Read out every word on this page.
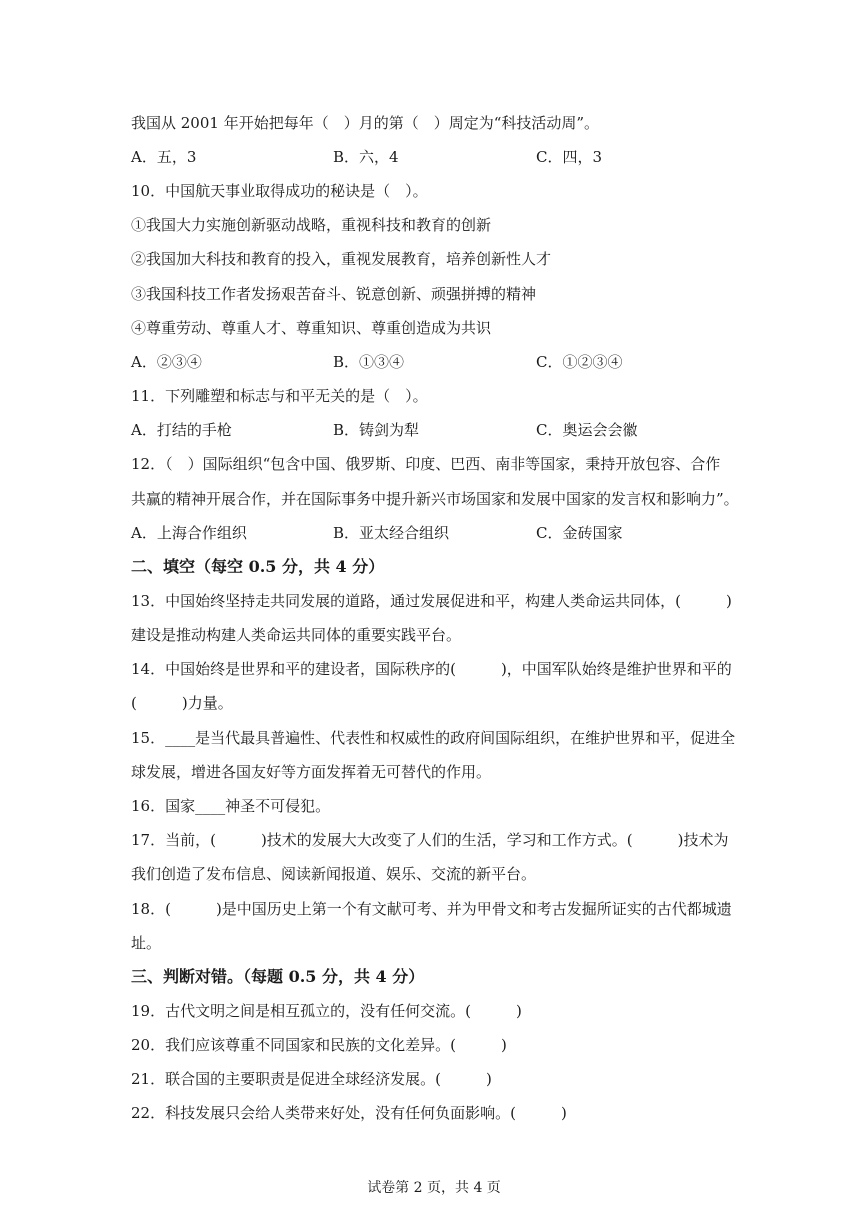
我国从 2001 年开始把每年（　）月的第（　）周定为“科技活动周”。
A．五，3	B．六，4	C．四，3
10．中国航天事业取得成功的秘诀是（　）。
①我国大力实施创新驱动战略，重视科技和教育的创新
②我国加大科技和教育的投入，重视发展教育，培养创新性人才
③我国科技工作者发扬艰苦奋斗、锐意创新、顽强拼搏的精神
④尊重劳动、尊重人才、尊重知识、尊重创造成为共识
A．②③④	B．①③④	C．①②③④
11．下列雕塑和标志与和平无关的是（　）。
A．打结的手枪	B．铸剑为犁	C．奥运会会徽
12．（　）国际组织“包含中国、俄罗斯、印度、巴西、南非等国家，秉持开放包容、合作
共赢的精神开展合作，并在国际事务中提升新兴市场国家和发展中国家的发言权和影响力”。
A．上海合作组织	B．亚太经合组织	C．金砖国家
二、填空（每空 0.5 分，共 4 分）
13．中国始终坚持走共同发展的道路，通过发展促进和平，构建人类命运共同体，(　　　)
建设是推动构建人类命运共同体的重要实践平台。
14．中国始终是世界和平的建设者，国际秩序的(　　　)，中国军队始终是维护世界和平的
(　　　)力量。
15．____是当代最具普遍性、代表性和权威性的政府间国际组织，在维护世界和平，促进全
球发展，增进各国友好等方面发挥着无可替代的作用。
16．国家____神圣不可侵犯。
17．当前，(　　　)技术的发展大大改变了人们的生活，学习和工作方式。(　　　)技术为
我们创造了发布信息、阅读新闻报道、娱乐、交流的新平台。
18．(　　　)是中国历史上第一个有文献可考、并为甲骨文和考古发掘所证实的古代都城遗
址。
三、判断对错。（每题 0.5 分，共 4 分）
19．古代文明之间是相互孤立的，没有任何交流。(　　　)
20．我们应该尊重不同国家和民族的文化差异。(　　　)
21．联合国的主要职责是促进全球经济发展。(　　　)
22．科技发展只会给人类带来好处，没有任何负面影响。(　　　)
试卷第 2 页，共 4 页
